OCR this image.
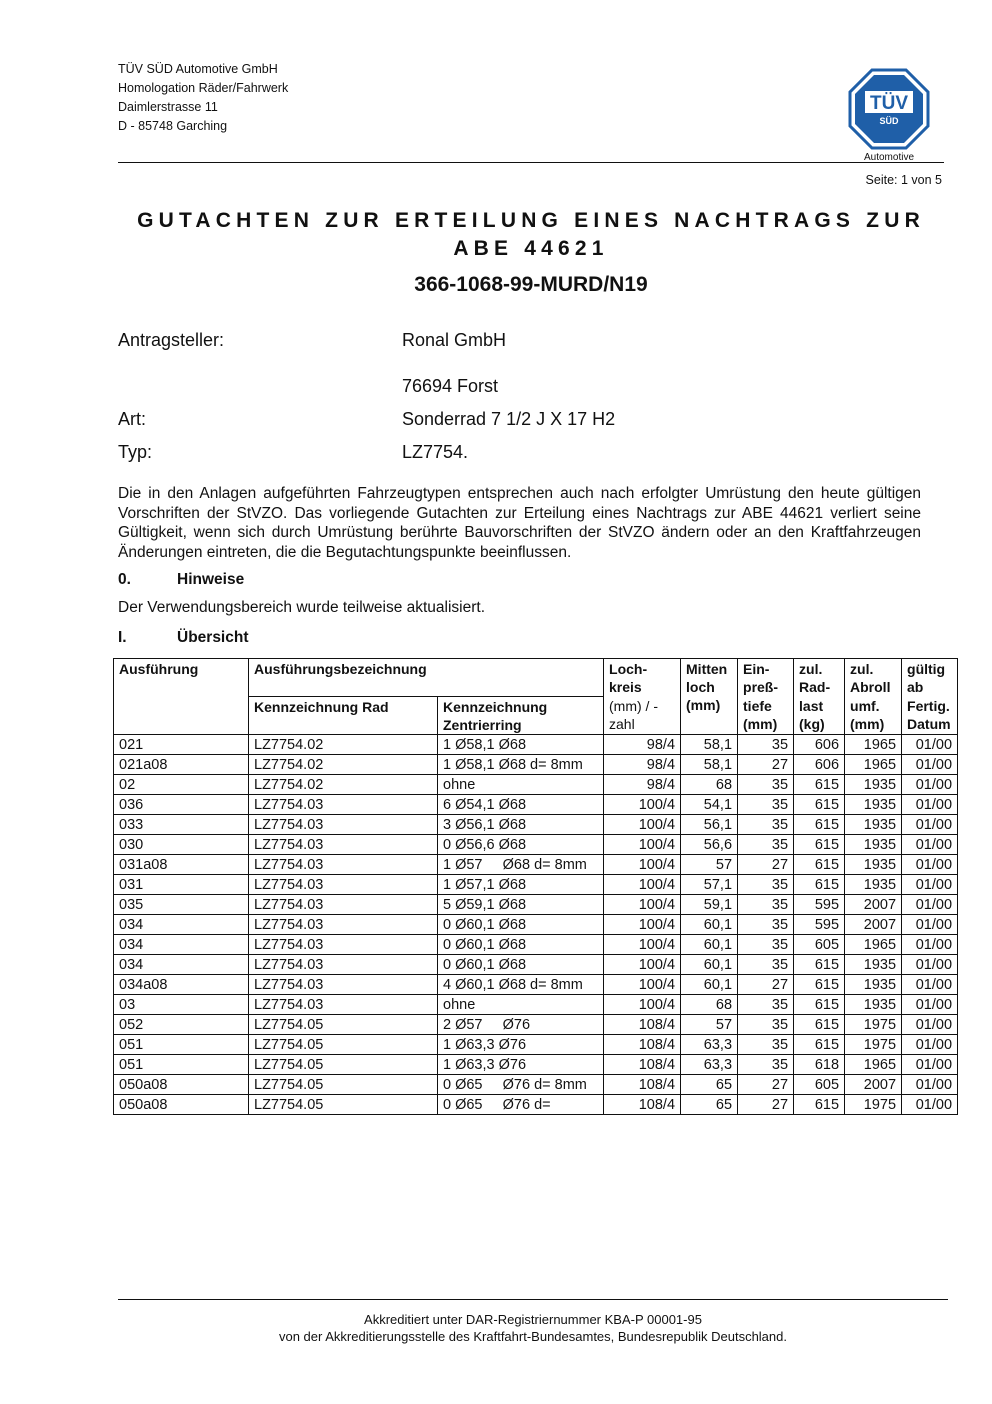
TÜV SÜD Automotive GmbH
Homologation Räder/Fahrwerk
Daimlerstrasse 11
D - 85748 Garching
TÜV
SÜD
Automotive
Seite: 1 von 5
GUTACHTEN ZUR ERTEILUNG EINES NACHTRAGS ZUR
ABE 44621
366-1068-99-MURD/N19
Antragsteller:	Ronal GmbH
76694 Forst
Art:	Sonderrad 7 1/2 J X 17 H2
Typ:	LZ7754.
Die in den Anlagen aufgeführten Fahrzeugtypen entsprechen auch nach erfolgter Umrüstung den heute gültigen Vorschriften der StVZO. Das vorliegende Gutachten zur Erteilung eines Nachtrags zur ABE 44621 verliert seine Gültigkeit, wenn sich durch Umrüstung berührte Bauvorschriften der StVZO ändern oder an den Kraftfahrzeugen Änderungen eintreten, die die Begutachtungspunkte beeinflussen.
0.	Hinweise
Der Verwendungsbereich wurde teilweise aktualisiert.
I.	Übersicht
Ausführung	Ausführungsbezeichnung		Loch- kreis	Mitten loch (mm)	Ein- preß-	zul. Rad-	zul. Abroll	gültig ab
	Kennzeichnung Rad	Kennzeichnung Zentrierring	(mm) / -zahl		tiefe (mm)	last (kg)	umf. (mm)	Fertig. Datum
021	LZ7754.02	1 Ø58,1 Ø68	98/4	58,1	35	606	1965	01/00
021a08	LZ7754.02	1 Ø58,1 Ø68 d= 8mm	98/4	58,1	27	606	1965	01/00
02	LZ7754.02	ohne	98/4	68	35	615	1935	01/00
036	LZ7754.03	6 Ø54,1 Ø68	100/4	54,1	35	615	1935	01/00
033	LZ7754.03	3 Ø56,1 Ø68	100/4	56,1	35	615	1935	01/00
030	LZ7754.03	0 Ø56,6 Ø68	100/4	56,6	35	615	1935	01/00
031a08	LZ7754.03	1 Ø57     Ø68 d= 8mm	100/4	57	27	615	1935	01/00
031	LZ7754.03	1 Ø57,1 Ø68	100/4	57,1	35	615	1935	01/00
035	LZ7754.03	5 Ø59,1 Ø68	100/4	59,1	35	595	2007	01/00
034	LZ7754.03	0 Ø60,1 Ø68	100/4	60,1	35	595	2007	01/00
034	LZ7754.03	0 Ø60,1 Ø68	100/4	60,1	35	605	1965	01/00
034	LZ7754.03	0 Ø60,1 Ø68	100/4	60,1	35	615	1935	01/00
034a08	LZ7754.03	4 Ø60,1 Ø68 d= 8mm	100/4	60,1	27	615	1935	01/00
03	LZ7754.03	ohne	100/4	68	35	615	1935	01/00
052	LZ7754.05	2 Ø57     Ø76	108/4	57	35	615	1975	01/00
051	LZ7754.05	1 Ø63,3 Ø76	108/4	63,3	35	615	1975	01/00
051	LZ7754.05	1 Ø63,3 Ø76	108/4	63,3	35	618	1965	01/00
050a08	LZ7754.05	0 Ø65     Ø76 d= 8mm	108/4	65	27	605	2007	01/00
050a08	LZ7754.05	0 Ø65     Ø76 d=	108/4	65	27	615	1975	01/00
Akkreditiert unter DAR-Registriernummer KBA-P 00001-95
von der Akkreditierungsstelle des Kraftfahrt-Bundesamtes, Bundesrepublik Deutschland.
